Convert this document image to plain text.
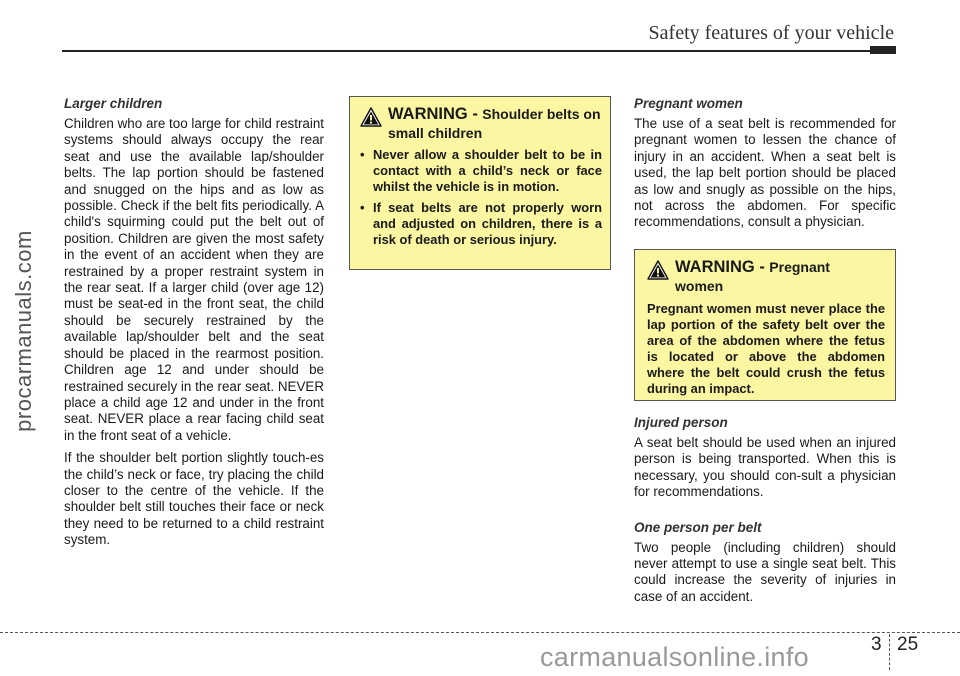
Safety features of your vehicle
procarmanuals.com
Larger children

Children who are too large for child restraint systems should always occupy the rear seat and use the available lap/shoulder belts. The lap portion should be fastened and snugged on the hips and as low as possible. Check if the belt fits periodically. A child's squirming could put the belt out of position. Children are given the most safety in the event of an accident when they are restrained by a proper restraint system in the rear seat. If a larger child (over age 12) must be seat-ed in the front seat, the child should be securely restrained by the available lap/shoulder belt and the seat should be placed in the rearmost position. Children age 12 and under should be restrained securely in the rear seat. NEVER place a child age 12 and under in the front seat. NEVER place a rear facing child seat in the front seat of a vehicle.

If the shoulder belt portion slightly touch-es the child’s neck or face, try placing the child closer to the centre of the vehicle. If the shoulder belt still touches their face or neck they need to be returned to a child restraint system.

WARNING - Shoulder belts on small children
• Never allow a shoulder belt to be in contact with a child’s neck or face whilst the vehicle is in motion.
• If seat belts are not properly worn and adjusted on children, there is a risk of death or serious injury.
Pregnant women

The use of a seat belt is recommended for pregnant women to lessen the chance of injury in an accident. When a seat belt is used, the lap belt portion should be placed as low and snugly as possible on the hips, not across the abdomen. For specific recommendations, consult a physician.

WARNING - Pregnant women
Pregnant women must never place the lap portion of the safety belt over the area of the abdomen where the fetus is located or above the abdomen where the belt could crush the fetus during an impact.
Injured person

A seat belt should be used when an injured person is being transported. When this is necessary, you should con-sult a physician for recommendations.

One person per belt

Two people (including children) should never attempt to use a single seat belt. This could increase the severity of injuries in case of an accident.

3 25
carmanualsonline.info
